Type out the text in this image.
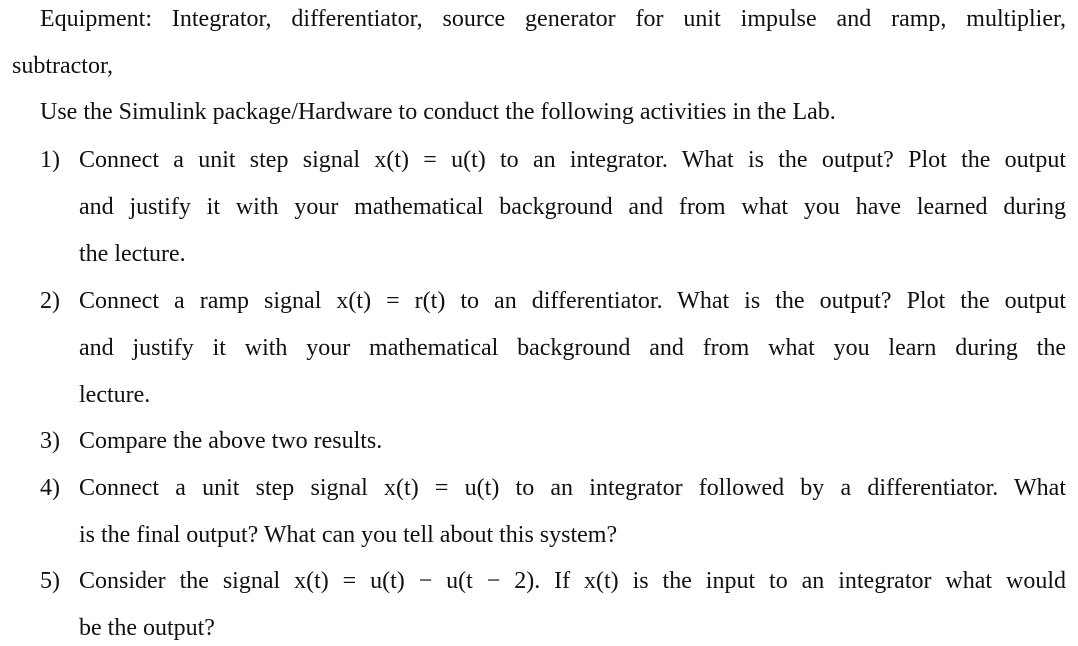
Equipment: Integrator, differentiator, source generator for unit impulse and ramp, multiplier,
subtractor,
Use the Simulink package/Hardware to conduct the following activities in the Lab.
1) Connect a unit step signal x(t) = u(t) to an integrator. What is the output? Plot the output
and justify it with your mathematical background and from what you have learned during
the lecture.
2) Connect a ramp signal x(t) = r(t) to an differentiator. What is the output? Plot the output
and justify it with your mathematical background and from what you learn during the
lecture.
3) Compare the above two results.
4) Connect a unit step signal x(t) = u(t) to an integrator followed by a differentiator. What
is the final output? What can you tell about this system?
5) Consider the signal x(t) = u(t) − u(t − 2). If x(t) is the input to an integrator what would
be the output?
